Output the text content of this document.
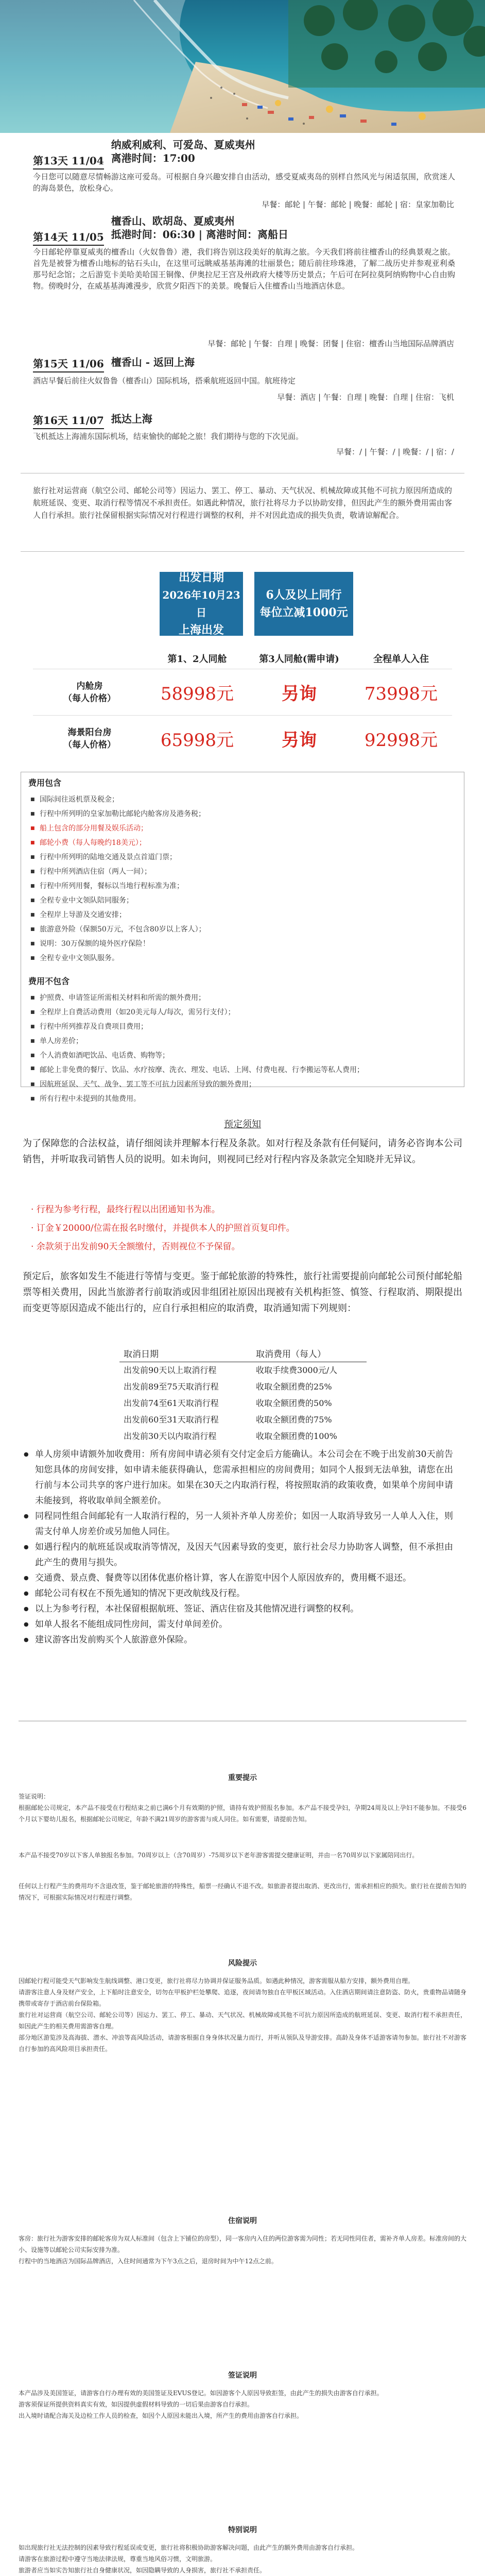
第13天 11/04
纳威利威利、可爱岛、夏威夷州
离港时间：17:00
今日您可以随意尽情畅游这座可爱岛。可根据自身兴趣安排自由活动，感受夏威夷岛的别样自然风光与闲适氛围，欣赏迷人的海岛景色，放松身心。
早餐：邮轮 | 午餐：邮轮 | 晚餐：邮轮 | 宿：皇家加勒比
第14天 11/05
檀香山、欧胡岛、夏威夷州
抵港时间：06:30 | 离港时间：离船日
今日邮轮停靠夏威夷的檀香山（火奴鲁鲁）港，我们将告别这段美好的航海之旅。今天我们将前往檀香山的经典景观之旅。首先是被誉为檀香山地标的钻石头山，在这里可远眺威基基海滩的壮丽景色；随后前往珍珠港，了解二战历史并参观亚利桑那号纪念馆；之后游览卡美哈美哈国王铜像、伊奥拉尼王宫及州政府大楼等历史景点；午后可在阿拉莫阿纳购物中心自由购物。傍晚时分，在威基基海滩漫步，欣赏夕阳西下的美景。晚餐后入住檀香山当地酒店休息。
早餐：邮轮 | 午餐：自理 | 晚餐：团餐 | 住宿：檀香山当地国际品牌酒店
第15天 11/06 檀香山 - 返回上海
酒店早餐后前往火奴鲁鲁（檀香山）国际机场，搭乘航班返回中国。航班待定
早餐：酒店 | 午餐：自理 | 晚餐：自理 | 住宿：飞机
第16天 11/07 抵达上海
飞机抵达上海浦东国际机场，结束愉快的邮轮之旅！我们期待与您的下次见面。
早餐：/ | 午餐：/ | 晚餐：/ | 宿：/
旅行社对运营商（航空公司、邮轮公司等）因运力、罢工、停工、暴动、天气状况、机械故障或其他不可抗力原因所造成的航班延误、变更、取消行程等情况不承担责任。如遇此种情况，旅行社将尽力予以协助安排，但因此产生的额外费用需由客人自行承担。旅行社保留根据实际情况对行程进行调整的权利，并不对因此造成的损失负责，敬请谅解配合。
出发日期
2026年10月23日
上海出发
6人及以上同行
每位立减1000元
第1、2人同舱	第3人同舱(需申请)	全程单人入住
内舱房
（每人价格）	58998元	另询	73998元
海景阳台房
（每人价格）	65998元	另询	92998元
费用包含
■ 国际间往返机票及税金；
■ 行程中所列明的皇家加勒比邮轮内舱客房及港务税；
■ 船上包含的部分用餐及娱乐活动；
■ 邮轮小费（每人每晚约18美元）；
■ 行程中所列明的陆地交通及景点首道门票；
■ 行程中所列酒店住宿（两人一间）；
■ 行程中所列用餐，餐标以当地行程标准为准；
■ 全程专业中文领队陪同服务；
■ 全程岸上导游及交通安排；
■ 旅游意外险（保额50万元，不包含80岁以上客人）；
■ 说明：30万保额的境外医疗保险！
■ 全程专业中文领队服务。
费用不包含
■ 护照费、申请签证所需相关材料和所需的额外费用；
■ 全程岸上自费活动费用（如20美元每人/每次，需另行支付）；
■ 行程中所列推荐及自费项目费用；
■ 单人房差价；
■ 个人消费如酒吧饮品、电话费、购物等；
■ 邮轮上非免费的餐厅、饮品、水疗按摩、洗衣、理发、电话、上网、付费电视、行李搬运等私人费用；
■ 因航班延误、天气、战争、罢工等不可抗力因素所导致的额外费用；
■ 所有行程中未提到的其他费用。
预定须知
为了保障您的合法权益，请仔细阅读并理解本行程及条款。如对行程及条款有任何疑问，请务必咨询本公司销售，并听取我司销售人员的说明。如未询问，则视同已经对行程内容及条款完全知晓并无异议。
· 行程为参考行程，最终行程以出团通知书为准。
· 订金￥20000/位需在报名时缴付，并提供本人的护照首页复印件。
· 余款须于出发前90天全额缴付，否则视位不予保留。
预定后，旅客如发生不能进行等情与变更。鉴于邮轮旅游的特殊性，旅行社需要提前向邮轮公司预付邮轮船票等相关费用，因此当旅游者行前取消或因非组团社原因出现被有关机构拒签、慎签、行程取消、期限提出而变更等原因造成不能出行的，应自行承担相应的取消费，取消通知需下列规则：
取消日期	取消费用（每人）
出发前90天以上取消行程	收取手续费3000元/人
出发前89至75天取消行程	收取全额团费的25%
出发前74至61天取消行程	收取全额团费的50%
出发前60至31天取消行程	收取全额团费的75%
出发前30天以内取消行程	收取全额团费的100%
● 单人房须申请额外加收费用：所有房间申请必须有交付定金后方能确认。本公司会在不晚于出发前30天前告知您具体的房间安排，如申请未能获得确认，您需承担相应的房间费用；如同个人报到无法单独，请您在出行前与本公司共享的客户进行加床。如果在30天之内取消行程，将按照取消的政策收费，如果单个房间申请未能接到，将收取单间全额差价。
● 同程同性组合间邮轮有一人取消行程的，另一人须补齐单人房差价；如因一人取消导致另一人单人入住，则需支付单人房差价或另加他人同住。
● 如遇行程内的航班延误或取消等情况，及因天气因素导致的变更，旅行社会尽力协助客人调整，但不承担由此产生的费用与损失。
● 交通费、景点费、餐费等以团体优惠价格计算，客人在游览中因个人原因放弃的，费用概不退还。
● 邮轮公司有权在不预先通知的情况下更改航线及行程。
● 以上为参考行程，本社保留根据航班、签证、酒店住宿及其他情况进行调整的权利。
● 如单人报名不能组成同性房间，需支付单间差价。
● 建议游客出发前购买个人旅游意外保险。
重要提示
签证说明：
根据邮轮公司规定，本产品不接受在行程结束之前已满6个月有效期的护照，请持有效护照报名参加。本产品不接受孕妇，孕期24周及以上孕妇不能参加。不接受6个月以下婴幼儿报名，根据邮轮公司规定，年龄不满21周岁的游客需与成人同住。如有需要，请提前告知。
本产品不接受70岁以下客人单独报名参加。70周岁以上（含70周岁）-75周岁以下老年游客需提交健康证明，并由一名70周岁以下家属陪同出行。
任何以上行程产生的费用均不含退改签，鉴于邮轮旅游的特殊性，船票一经确认不退不改。如旅游者提出取消、更改出行，需承担相应的损失。旅行社在提前告知的情况下，可根据实际情况对行程进行调整。
风险提示
因邮轮行程可能受天气影响发生航线调整、港口变更，旅行社将尽力协调并保证服务品质。如遇此种情况，游客需服从船方安排，额外费用自理。
请游客注意人身及财产安全，上下船时注意安全，切勿在甲板护栏处攀爬、追逐，夜间请勿独自在甲板区域活动。入住酒店期间请注意防盗、防火，贵重物品请随身携带或寄存于酒店前台保险箱。
旅行社对运营商（航空公司、邮轮公司等）因运力、罢工、停工、暴动、天气状况、机械故障或其他不可抗力原因所造成的航班延误、变更、取消行程不承担责任，如因此产生的相关费用需游客自理。
部分地区游览涉及高海拔、潜水、冲浪等高风险活动，请游客根据自身身体状况量力而行，并听从领队及导游安排。高龄及身体不适游客请勿参加。旅行社不对游客自行参加的高风险项目承担责任。
住宿说明
客房：旅行社为游客安排的邮轮客房为双人标准间（包含上下铺位的房型），同一客房内入住的两位游客需为同性；若无同性同住者，需补齐单人房差。标准房间的大小、设施等以邮轮公司实际安排为准。
行程中的当地酒店为国际品牌酒店，入住时间通常为下午3点之后，退房时间为中午12点之前。
签证说明
本产品涉及美国签证，请游客自行办理有效的美国签证及EVUS登记。如因游客个人原因导致拒签，由此产生的损失由游客自行承担。
游客须保证所提供资料真实有效，如因提供虚假材料导致的一切后果由游客自行承担。
出入境时请配合海关及边检工作人员的检查，如因个人原因未能出入境，所产生的费用由游客自行承担。
特别说明
如出现旅行社无法控制的因素导致行程延误或变更，旅行社将积极协助游客解决问题，由此产生的额外费用由游客自行承担。
请游客在旅游过程中遵守当地法律法规，尊重当地风俗习惯，文明旅游。
旅游者应当如实告知旅行社自身健康状况，如因隐瞒导致的人身损害，旅行社不承担责任。
